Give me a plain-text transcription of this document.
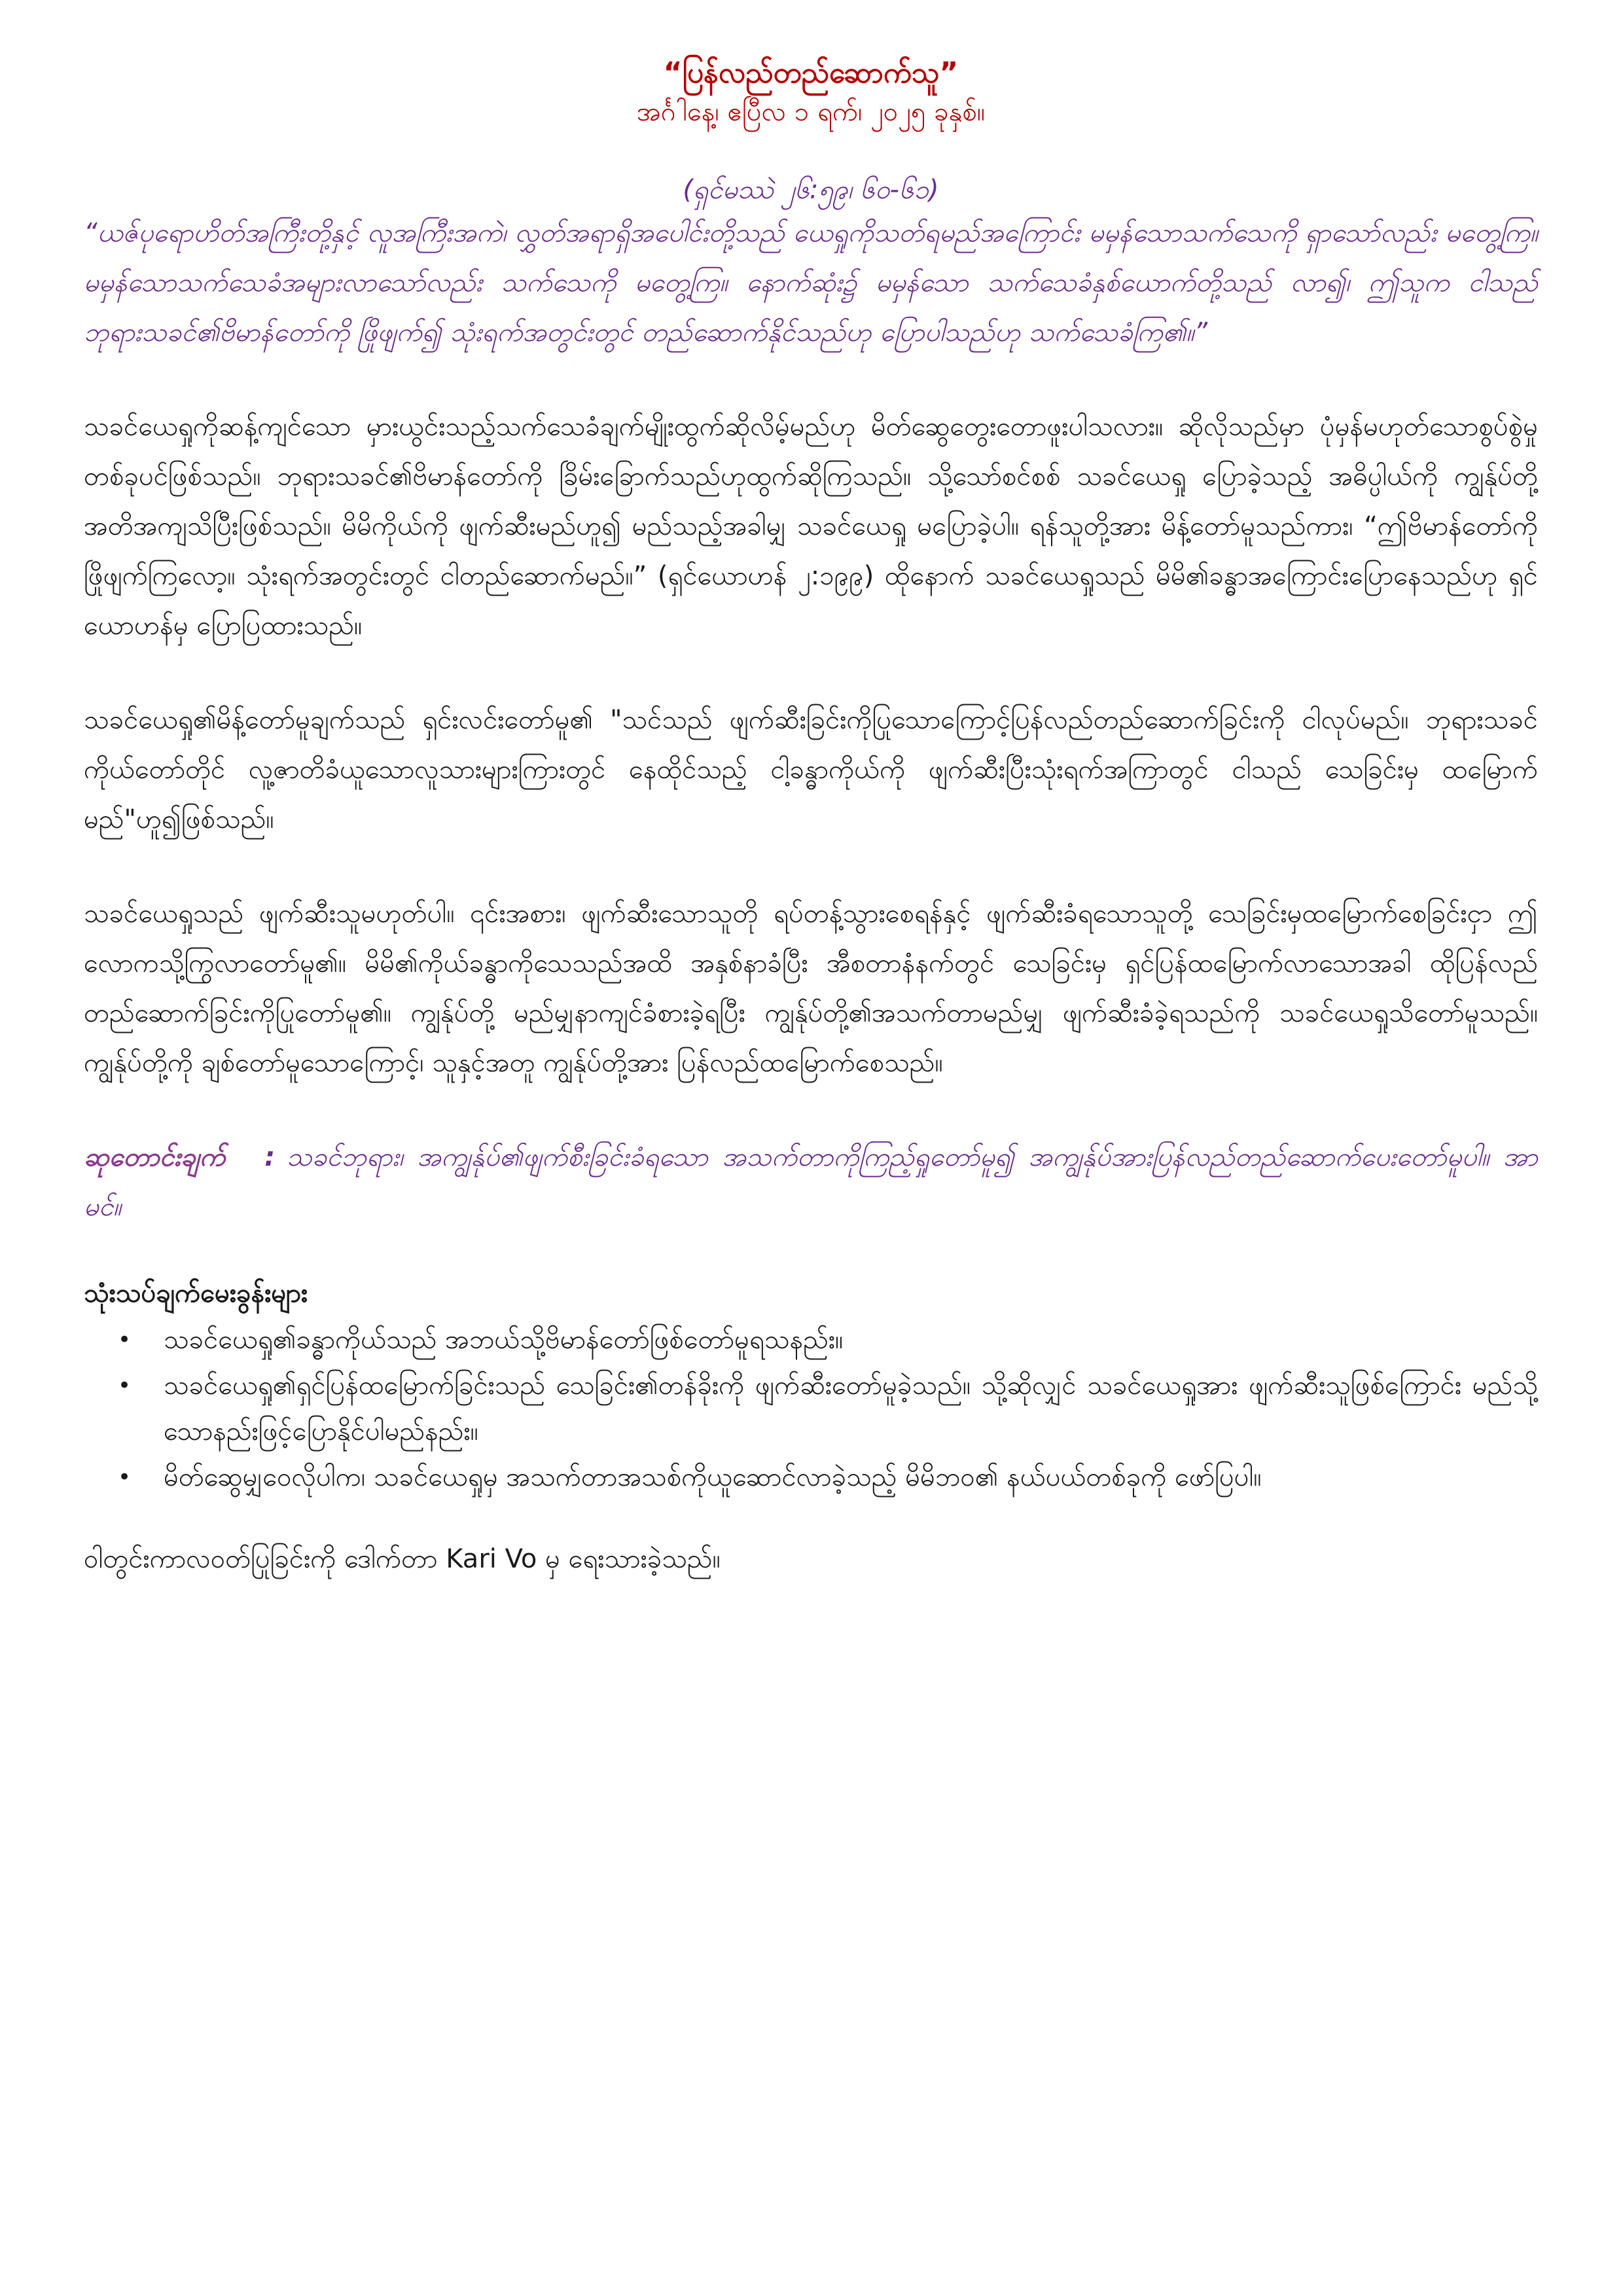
“ပြန်လည်တည်ဆောက်သူ”

အင်္ဂါနေ့၊ ဧပြီလ ၁ ရက်၊ ၂၀၂၅ ခုနှစ်။

(ရှင်မဿဲ ၂၆:၅၉၊ ၆၀-၆၁)

“ယဇ်ပုရောဟိတ်အကြီးတို့နှင့် လူအကြီးအကဲ၊ လွှတ်အရာရှိအပေါင်းတို့သည် ယေရှုကိုသတ်ရမည်အကြောင်း မမှန်သောသက်သေကို ရှာသော်လည်း မတွေ့ကြ။ မမှန်သောသက်သေခံအများလာသော်လည်း သက်သေကို မတွေ့ကြ။ နောက်ဆုံး၌ မမှန်သော သက်သေခံနှစ်ယောက်တို့သည် လာ၍၊ ဤသူက ငါသည် ဘုရားသခင်၏ဗိမာန်တော်ကို ဖြိုဖျက်၍ သုံးရက်အတွင်းတွင် တည်ဆောက်နိုင်သည်ဟု ပြောပါသည်ဟု သက်သေခံကြ၏။”

သခင်ယေရှုကိုဆန့်ကျင်သော မှားယွင်းသည့်သက်သေခံချက်မျိုးထွက်ဆိုလိမ့်မည်ဟု မိတ်ဆွေတွေးတောဖူးပါသလား။ ဆိုလိုသည်မှာ ပုံမှန်မဟုတ်သောစွပ်စွဲမှုတစ်ခုပင်ဖြစ်သည်။ ဘုရားသခင်၏ဗိမာန်တော်ကို ခြိမ်းခြောက်သည်ဟုထွက်ဆိုကြသည်။ သို့သော်စင်စစ် သခင်ယေရှု ပြောခဲ့သည့် အဓိပ္ပါယ်ကို ကျွန်ုပ်တို့အတိအကျသိပြီးဖြစ်သည်။ မိမိကိုယ်ကို ဖျက်ဆီးမည်ဟူ၍ မည်သည့်အခါမျှ သခင်ယေရှု မပြောခဲ့ပါ။ ရန်သူတို့အား မိန့်တော်မူသည်ကား၊ “ဤဗိမာန်တော်ကို ဖြိုဖျက်ကြလော့။ သုံးရက်အတွင်းတွင် ငါတည်ဆောက်မည်။” (ရှင်ယောဟန် ၂:၁၉၉) ထိုနောက် သခင်ယေရှုသည် မိမိ၏ခန္ဓာအကြောင်းပြောနေသည်ဟု ရှင်ယောဟန်မှ ပြောပြထားသည်။

သခင်ယေရှု၏မိန့်တော်မူချက်သည် ရှင်းလင်းတော်မူ၏ "သင်သည် ဖျက်ဆီးခြင်းကိုပြုသောကြောင့်ပြန်လည်တည်ဆောက်ခြင်းကို ငါလုပ်မည်။ ဘုရားသခင်ကိုယ်တော်တိုင် လူ့ဇာတိခံယူသောလူသားများကြားတွင် နေထိုင်သည့် ငါ့ခန္ဓာကိုယ်ကို ဖျက်ဆီးပြီးသုံးရက်အကြာတွင် ငါသည် သေခြင်းမှ ထမြောက်မည်"ဟူ၍ဖြစ်သည်။

သခင်ယေရှုသည် ဖျက်ဆီးသူမဟုတ်ပါ။ ၎င်းအစား၊ ဖျက်ဆီးသောသူတို ရပ်တန့်သွားစေရန်နှင့် ဖျက်ဆီးခံရသောသူတို့ သေခြင်းမှထမြောက်စေခြင်းငှာ ဤလောကသို့ကြွလာတော်မူ၏။ မိမိ၏ကိုယ်ခန္ဓာကိုသေသည်အထိ အနှစ်နာခံပြီး အီစတာနံနက်တွင် သေခြင်းမှ ရှင်ပြန်ထမြောက်လာသောအခါ ထိုပြန်လည်တည်ဆောက်ခြင်းကိုပြုတော်မူ၏။ ကျွန်ုပ်တို့ မည်မျှနာကျင်ခံစားခဲ့ရပြီး ကျွန်ုပ်တို့၏အသက်တာမည်မျှ ဖျက်ဆီးခံခဲ့ရသည်ကို သခင်ယေရှုသိတော်မူသည်။ ကျွန်ုပ်တို့ကို ချစ်တော်မူသောကြောင့်၊ သူနှင့်အတူ ကျွန်ုပ်တို့အား ပြန်လည်ထမြောက်စေသည်။

ဆုတောင်းချက် : သခင်ဘုရား၊ အကျွန်ုပ်၏ဖျက်စီးခြင်းခံရသော အသက်တာကိုကြည့်ရှုတော်မူ၍ အကျွန်ုပ်အားပြန်လည်တည်ဆောက်ပေးတော်မူပါ။ အာမင်။

သုံးသပ်ချက်မေးခွန်းများ
• သခင်ယေရှု၏ခန္ဓာကိုယ်သည် အဘယ်သို့ဗိမာန်တော်ဖြစ်တော်မူရသနည်း။
• သခင်ယေရှု၏ရှင်ပြန်ထမြောက်ခြင်းသည် သေခြင်း၏တန်ခိုးကို ဖျက်ဆီးတော်မူခဲ့သည်။ သို့ဆိုလျှင် သခင်ယေရှုအား ဖျက်ဆီးသူဖြစ်ကြောင်း မည်သို့သောနည်းဖြင့်ပြောနိုင်ပါမည်နည်း။
• မိတ်ဆွေမျှဝေလိုပါက၊ သခင်ယေရှုမှ အသက်တာအသစ်ကိုယူဆောင်လာခဲ့သည့် မိမိဘဝ၏ နယ်ပယ်တစ်ခုကို ဖော်ပြပါ။

ဝါတွင်းကာလဝတ်ပြုခြင်းကို ဒေါက်တာ Kari Vo မှ ရေးသားခဲ့သည်။
